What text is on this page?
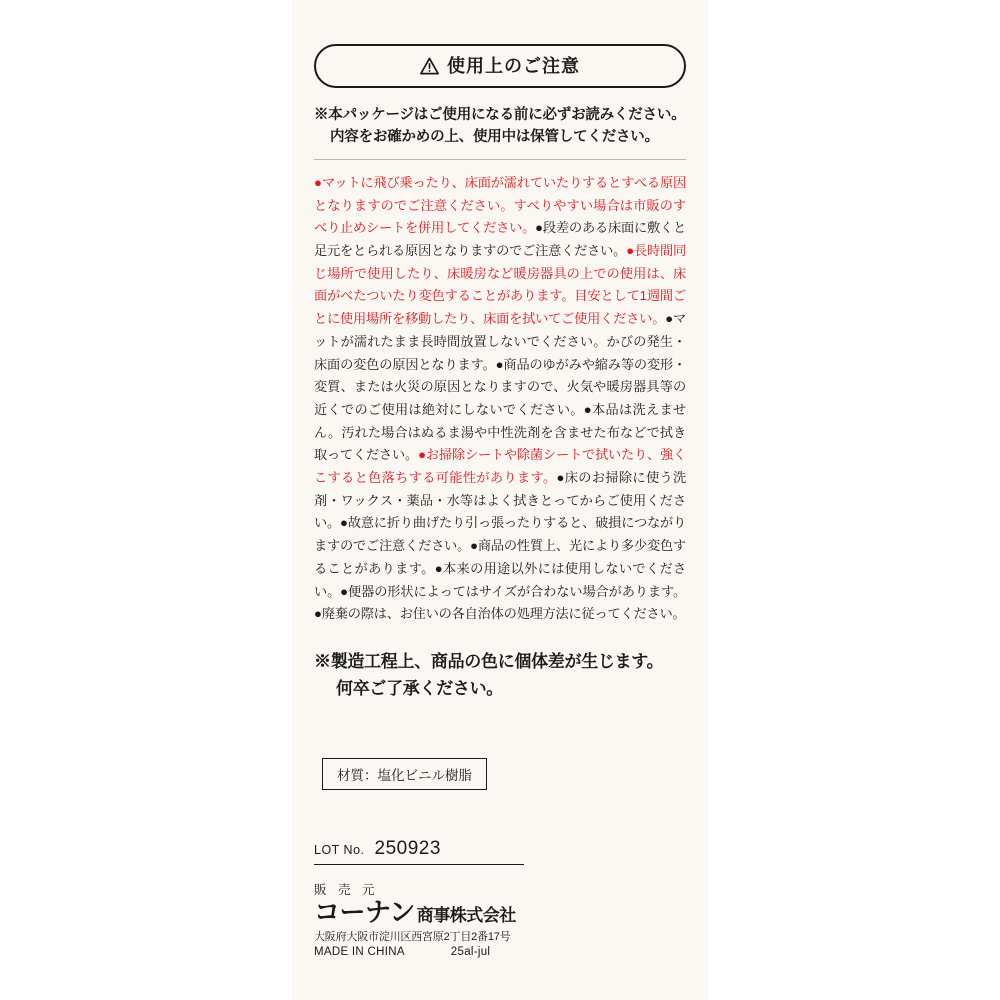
使用上のご注意
※本パッケージはご使用になる前に必ずお読みください。
内容をお確かめの上、使用中は保管してください。

●マットに飛び乗ったり、床面が濡れていたりするとすべる原因となりますのでご注意ください。すべりやすい場合は市販のすべり止めシートを併用してください。●段差のある床面に敷くと足元をとられる原因となりますのでご注意ください。●長時間同じ場所で使用したり、床暖房など暖房器具の上での使用は、床面がべたついたり変色することがあります。目安として1週間ごとに使用場所を移動したり、床面を拭いてご使用ください。●マットが濡れたまま長時間放置しないでください。かびの発生・床面の変色の原因となります。●商品のゆがみや縮み等の変形・変質、または火災の原因となりますので、火気や暖房器具等の近くでのご使用は絶対にしないでください。●本品は洗えません。汚れた場合はぬるま湯や中性洗剤を含ませた布などで拭き取ってください。●お掃除シートや除菌シートで拭いたり、強くこすると色落ちする可能性があります。●床のお掃除に使う洗剤・ワックス・薬品・水等はよく拭きとってからご使用ください。●故意に折り曲げたり引っ張ったりすると、破損につながりますのでご注意ください。●商品の性質上、光により多少変色することがあります。●本来の用途以外には使用しないでください。●便器の形状によってはサイズが合わない場合があります。●廃棄の際は、お住いの各自治体の処理方法に従ってください。

※製造工程上、商品の色に個体差が生じます。
何卒ご了承ください。
材質：塩化ビニル樹脂
LOT No. 250923
販 売 元
コーナン 商事株式会社
大阪府大阪市淀川区西宮原2丁目2番17号
MADE IN CHINA	25al-jul
